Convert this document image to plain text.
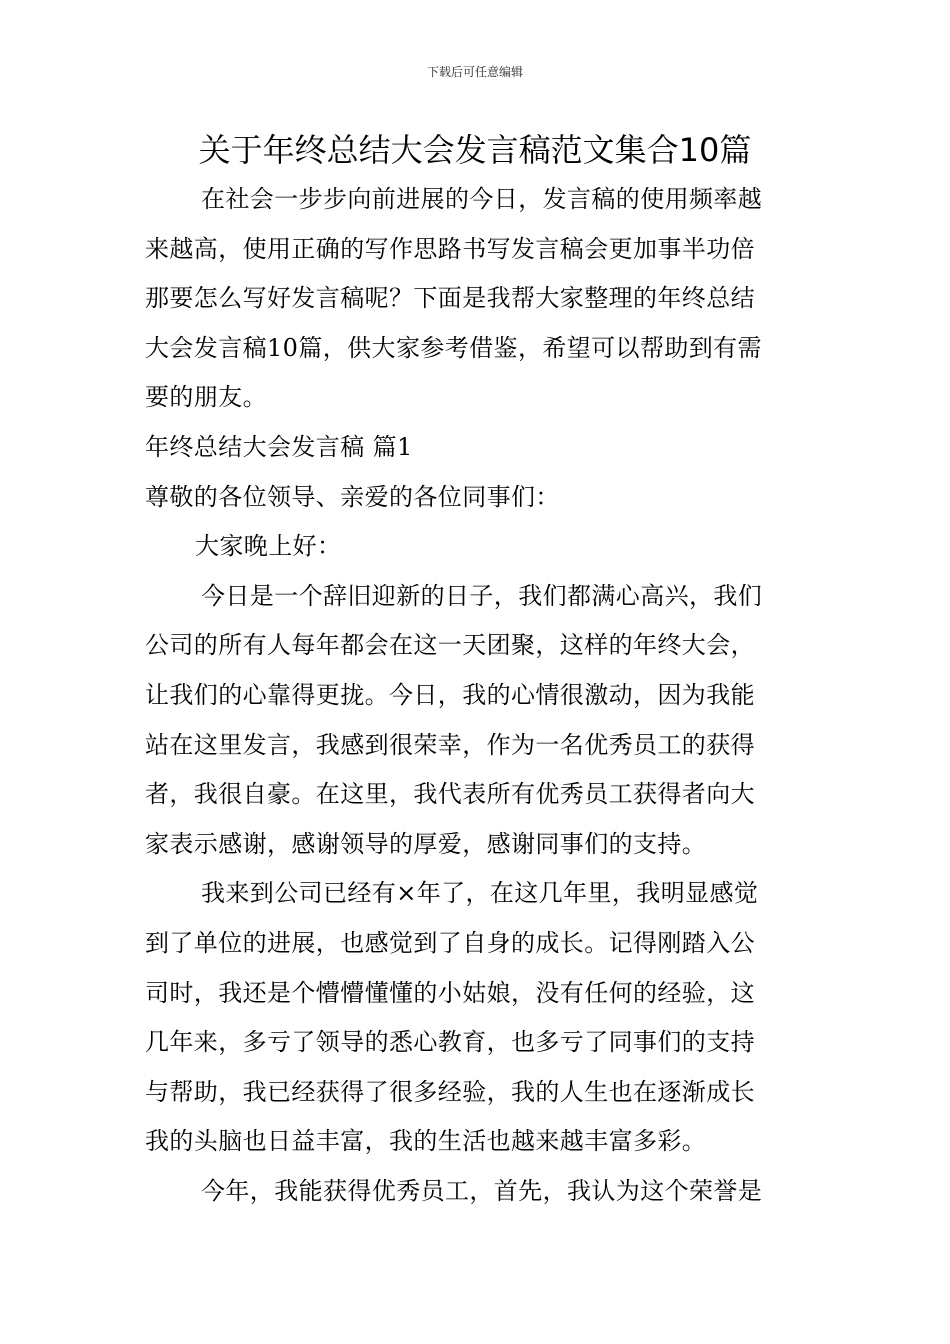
下载后可任意编辑
关于年终总结大会发言稿范文集合10篇
在社会一步步向前进展的今日，发言稿的使用频率越
来越高，使用正确的写作思路书写发言稿会更加事半功倍
那要怎么写好发言稿呢？下面是我帮大家整理的年终总结
大会发言稿10篇，供大家参考借鉴，希望可以帮助到有需
要的朋友。
年终总结大会发言稿 篇1
尊敬的各位领导、亲爱的各位同事们：
大家晚上好：
今日是一个辞旧迎新的日子，我们都满心高兴，我们
公司的所有人每年都会在这一天团聚，这样的年终大会，
让我们的心靠得更拢。今日，我的心情很激动，因为我能
站在这里发言，我感到很荣幸，作为一名优秀员工的获得
者，我很自豪。在这里，我代表所有优秀员工获得者向大
家表示感谢，感谢领导的厚爱，感谢同事们的支持。
我来到公司已经有×年了，在这几年里，我明显感觉
到了单位的进展，也感觉到了自身的成长。记得刚踏入公
司时，我还是个懵懵懂懂的小姑娘，没有任何的经验，这
几年来，多亏了领导的悉心教育，也多亏了同事们的支持
与帮助，我已经获得了很多经验，我的人生也在逐渐成长
我的头脑也日益丰富，我的生活也越来越丰富多彩。
今年，我能获得优秀员工，首先，我认为这个荣誉是
